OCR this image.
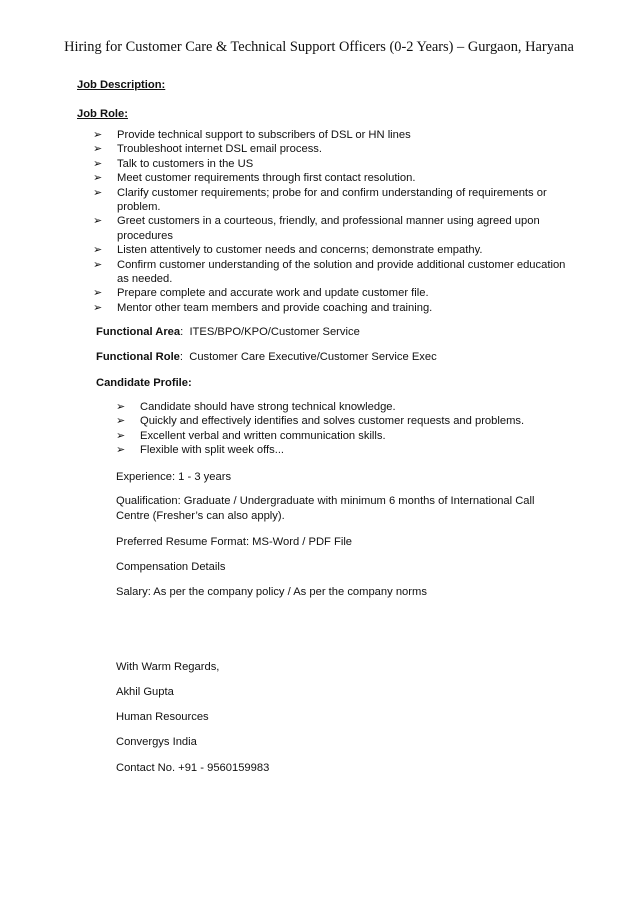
Hiring for Customer Care & Technical Support Officers (0-2 Years) – Gurgaon, Haryana
Job Description:
Job Role:
➢ Provide technical support to subscribers of DSL or HN lines
➢ Troubleshoot internet DSL email process.
➢ Talk to customers in the US
➢ Meet customer requirements through first contact resolution.
➢ Clarify customer requirements; probe for and confirm understanding of requirements or
problem.
➢ Greet customers in a courteous, friendly, and professional manner using agreed upon
procedures
➢ Listen attentively to customer needs and concerns; demonstrate empathy.
➢ Confirm customer understanding of the solution and provide additional customer education
as needed.
➢ Prepare complete and accurate work and update customer file.
➢ Mentor other team members and provide coaching and training.
Functional Area: ITES/BPO/KPO/Customer Service
Functional Role: Customer Care Executive/Customer Service Exec
Candidate Profile:
➢ Candidate should have strong technical knowledge.
➢ Quickly and effectively identifies and solves customer requests and problems.
➢ Excellent verbal and written communication skills.
➢ Flexible with split week offs...
Experience: 1 - 3 years
Qualification: Graduate / Undergraduate with minimum 6 months of International Call
Centre (Fresher’s can also apply).
Preferred Resume Format: MS-Word / PDF File
Compensation Details
Salary: As per the company policy / As per the company norms
With Warm Regards,
Akhil Gupta
Human Resources
Convergys India
Contact No. +91 - 9560159983
